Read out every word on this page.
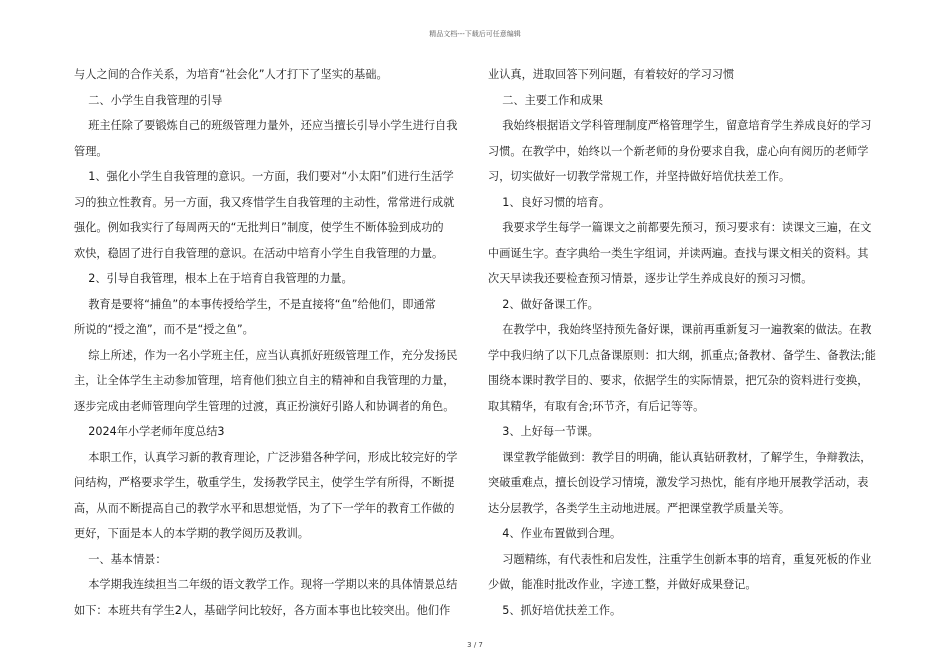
精品文档---下载后可任意编辑

与人之间的合作关系，为培育“社会化”人才打下了坚实的基础。

二、小学生自我管理的引导

班主任除了要锻炼自己的班级管理力量外，还应当擅长引导小学生进行自我

管理。

1、强化小学生自我管理的意识。一方面，我们要对“小太阳”们进行生活学

习的独立性教育。另一方面，我又疼惜学生自我管理的主动性，常常进行成就

强化。例如我实行了每周两天的“无批判日”制度，使学生不断体验到成功的

欢快，稳固了进行自我管理的意识。在活动中培育小学生自我管理的力量。

2、引导自我管理，根本上在于培育自我管理的力量。

教育是要将“捕鱼”的本事传授给学生，不是直接将“鱼”给他们，即通常

所说的“授之渔”，而不是“授之鱼”。

综上所述，作为一名小学班主任，应当认真抓好班级管理工作，充分发扬民

主，让全体学生主动参加管理，培育他们独立自主的精神和自我管理的力量，

逐步完成由老师管理向学生管理的过渡，真正扮演好引路人和协调者的角色。

2024年小学老师年度总结3

本职工作，认真学习新的教育理论，广泛涉猎各种学问，形成比较完好的学

问结构，严格要求学生，敬重学生，发扬教学民主，使学生学有所得，不断提

高，从而不断提高自己的教学水平和思想觉悟，为了下一学年的教育工作做的

更好，下面是本人的本学期的教学阅历及教训。

一、基本情景：

本学期我连续担当二年级的语文教学工作。现将一学期以来的具体情景总结

如下：本班共有学生2人，基础学问比较好，各方面本事也比较突出。他们作

业认真，进取回答下列问题，有着较好的学习习惯

二、主要工作和成果

我始终根据语文学科管理制度严格管理学生，留意培育学生养成良好的学习

习惯。在教学中，始终以一个新老师的身份要求自我，虚心向有阅历的老师学

习，切实做好一切教学常规工作，并坚持做好培优扶差工作。

1、良好习惯的培育。

我要求学生每学一篇课文之前都要先预习，预习要求有：读课文三遍，在文

中画诞生字。查字典给一类生字组词，并读两遍。查找与课文相关的资料。其

次天早读我还要检查预习情景，逐步让学生养成良好的预习习惯。

2、做好备课工作。

在教学中，我始终坚持预先备好课，课前再重新复习一遍教案的做法。在教

学中我归纳了以下几点备课原则：扣大纲，抓重点;备教材、备学生、备教法;能

围绕本课时教学目的、要求，依据学生的实际情景，把冗杂的资料进行变换，

取其精华，有取有舍;环节齐，有后记等等。

3、上好每一节课。

课堂教学能做到：教学目的明确，能认真钻研教材，了解学生，争辩教法，

突破重难点，擅长创设学习情境，激发学习热忱，能有序地开展教学活动，表

达分层教学，各类学生主动地进展。严把课堂教学质量关等。

4、作业布置做到合理。

习题精练，有代表性和启发性，注重学生创新本事的培育，重复死板的作业

少做，能准时批改作业，字迹工整，并做好成果登记。

5、抓好培优扶差工作。

3 / 7
